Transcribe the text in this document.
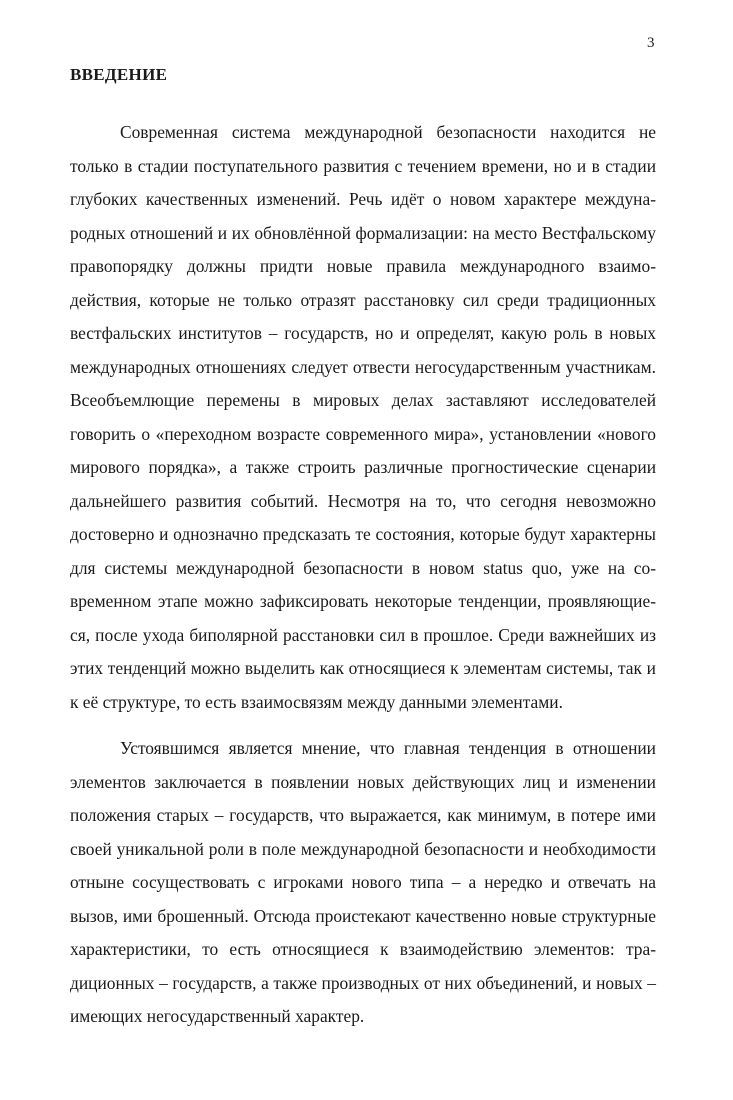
3
ВВЕДЕНИЕ

Современная система международной безопасности находится не только в стадии поступательного развития с течением времени, но и в стадии глубоких качественных изменений. Речь идёт о новом характере международных отношений и их обновлённой формализации: на место Вестфальскому правопорядку должны придти новые правила международного взаимодействия, которые не только отразят расстановку сил среди традиционных вестфальских институтов – государств, но и определят, какую роль в новых международных отношениях следует отвести негосударственным участникам. Всеобъемлющие перемены в мировых делах заставляют исследователей говорить о «переходном возрасте современного мира», установлении «нового мирового порядка», а также строить различные прогностические сценарии дальнейшего развития событий. Несмотря на то, что сегодня невозможно достоверно и однозначно предсказать те состояния, которые будут характерны для системы международной безопасности в новом status quo, уже на современном этапе можно зафиксировать некоторые тенденции, проявляющиеся, после ухода биполярной расстановки сил в прошлое. Среди важнейших из этих тенденций можно выделить как относящиеся к элементам системы, так и к её структуре, то есть взаимосвязям между данными элементами.

Устоявшимся является мнение, что главная тенденция в отношении элементов заключается в появлении новых действующих лиц и изменении положения старых – государств, что выражается, как минимум, в потере ими своей уникальной роли в поле международной безопасности и необходимости отныне сосуществовать с игроками нового типа – а нередко и отвечать на вызов, ими брошенный. Отсюда проистекают качественно новые структурные характеристики, то есть относящиеся к взаимодействию элементов: традиционных – государств, а также производных от них объединений, и новых – имеющих негосударственный характер.
